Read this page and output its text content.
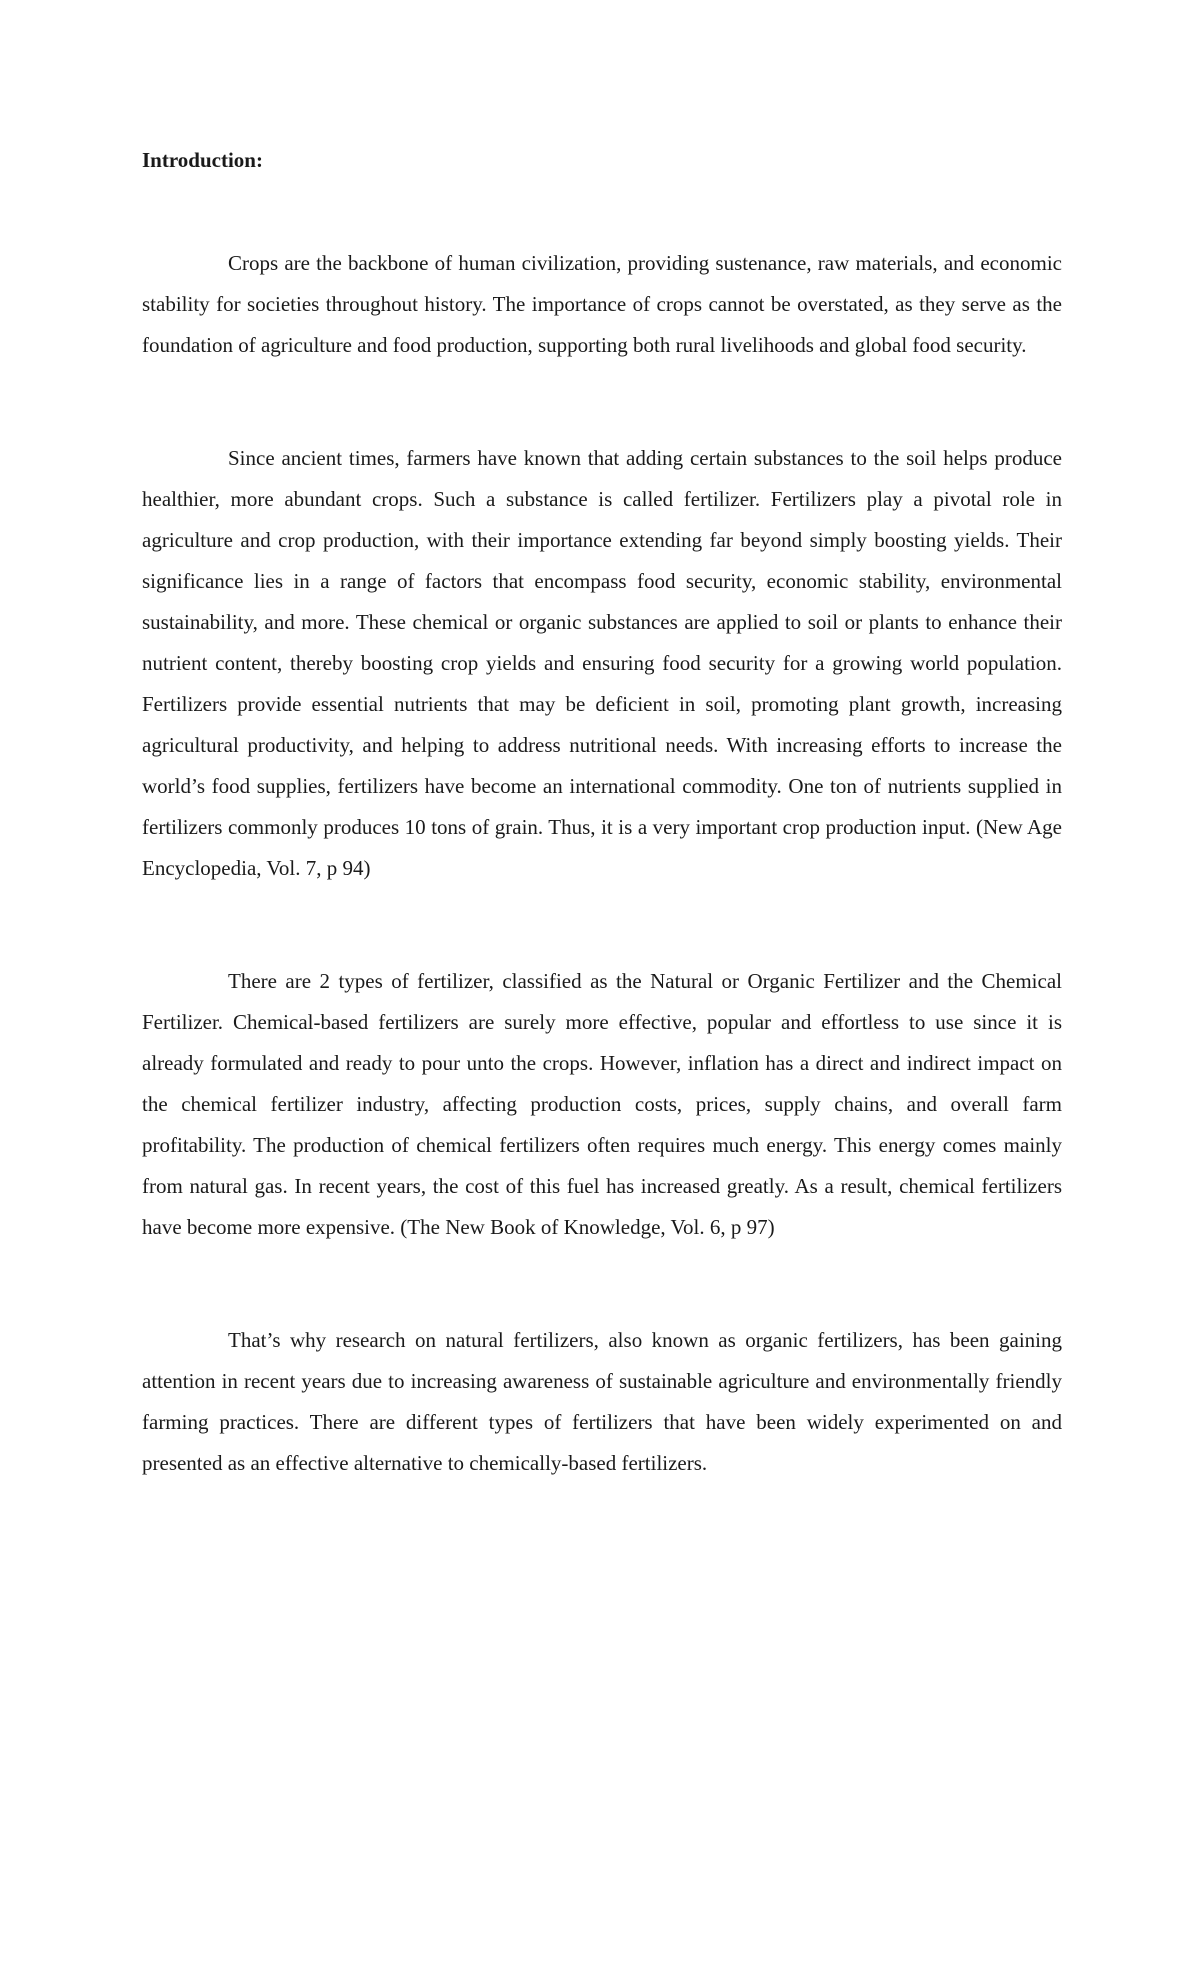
Introduction:

Crops are the backbone of human civilization, providing sustenance, raw materials, and economic stability for societies throughout history. The importance of crops cannot be overstated, as they serve as the foundation of agriculture and food production, supporting both rural livelihoods and global food security.

Since ancient times, farmers have known that adding certain substances to the soil helps produce healthier, more abundant crops. Such a substance is called fertilizer. Fertilizers play a pivotal role in agriculture and crop production, with their importance extending far beyond simply boosting yields. Their significance lies in a range of factors that encompass food security, economic stability, environmental sustainability, and more. These chemical or organic substances are applied to soil or plants to enhance their nutrient content, thereby boosting crop yields and ensuring food security for a growing world population. Fertilizers provide essential nutrients that may be deficient in soil, promoting plant growth, increasing agricultural productivity, and helping to address nutritional needs. With increasing efforts to increase the world’s food supplies, fertilizers have become an international commodity. One ton of nutrients supplied in fertilizers commonly produces 10 tons of grain. Thus, it is a very important crop production input. (New Age Encyclopedia, Vol. 7, p 94)

There are 2 types of fertilizer, classified as the Natural or Organic Fertilizer and the Chemical Fertilizer. Chemical-based fertilizers are surely more effective, popular and effortless to use since it is already formulated and ready to pour unto the crops. However, inflation has a direct and indirect impact on the chemical fertilizer industry, affecting production costs, prices, supply chains, and overall farm profitability. The production of chemical fertilizers often requires much energy. This energy comes mainly from natural gas. In recent years, the cost of this fuel has increased greatly. As a result, chemical fertilizers have become more expensive. (The New Book of Knowledge, Vol. 6, p 97)

That’s why research on natural fertilizers, also known as organic fertilizers, has been gaining attention in recent years due to increasing awareness of sustainable agriculture and environmentally friendly farming practices. There are different types of fertilizers that have been widely experimented on and presented as an effective alternative to chemically-based fertilizers.
